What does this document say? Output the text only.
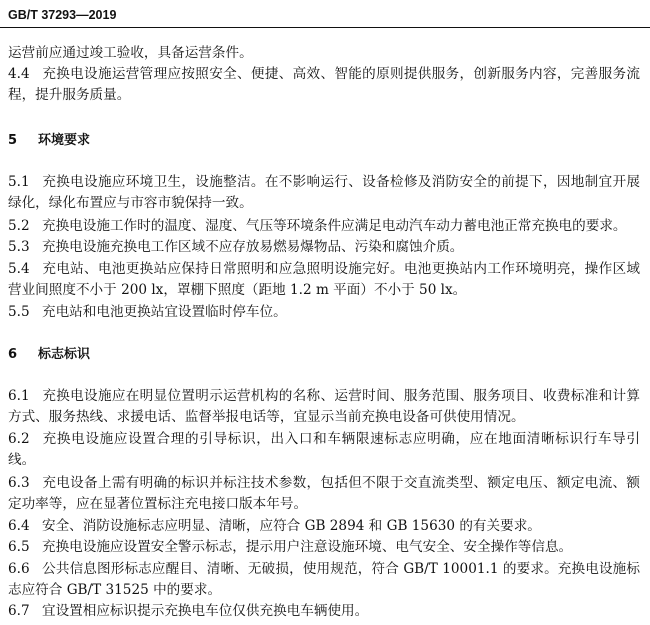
GB/T 37293—2019
运营前应通过竣工验收，具备运营条件。
4.4 充换电设施运营管理应按照安全、便捷、高效、智能的原则提供服务，创新服务内容，完善服务流程，提升服务质量。
5 环境要求
5.1 充换电设施应环境卫生，设施整洁。在不影响运行、设备检修及消防安全的前提下，因地制宜开展绿化，绿化布置应与市容市貌保持一致。
5.2 充换电设施工作时的温度、湿度、气压等环境条件应满足电动汽车动力蓄电池正常充换电的要求。
5.3 充换电设施充换电工作区域不应存放易燃易爆物品、污染和腐蚀介质。
5.4 充电站、电池更换站应保持日常照明和应急照明设施完好。电池更换站内工作环境明亮，操作区域营业间照度不小于 200 lx，罩棚下照度（距地 1.2 m 平面）不小于 50 lx。
5.5 充电站和电池更换站宜设置临时停车位。
6 标志标识
6.1 充换电设施应在明显位置明示运营机构的名称、运营时间、服务范围、服务项目、收费标准和计算方式、服务热线、求援电话、监督举报电话等，宜显示当前充换电设备可供使用情况。
6.2 充换电设施应设置合理的引导标识，出入口和车辆限速标志应明确，应在地面清晰标识行车导引线。
6.3 充电设备上需有明确的标识并标注技术参数，包括但不限于交直流类型、额定电压、额定电流、额定功率等，应在显著位置标注充电接口版本年号。
6.4 安全、消防设施标志应明显、清晰，应符合 GB 2894 和 GB 15630 的有关要求。
6.5 充换电设施应设置安全警示标志，提示用户注意设施环境、电气安全、安全操作等信息。
6.6 公共信息图形标志应醒目、清晰、无破损，使用规范，符合 GB/T 10001.1 的要求。充换电设施标志应符合 GB/T 31525 中的要求。
6.7 宜设置相应标识提示充换电车位仅供充换电车辆使用。
